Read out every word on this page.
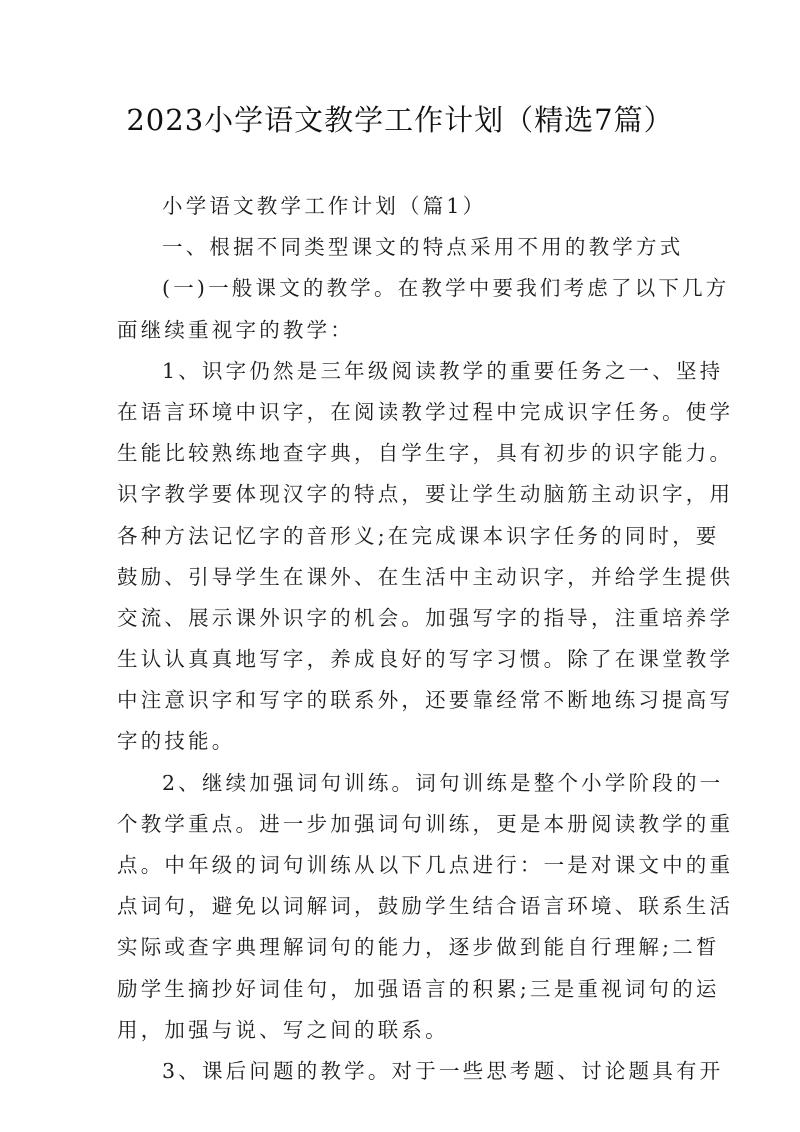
2023小学语文教学工作计划（精选7篇）
小学语文教学工作计划（篇1）
一、根据不同类型课文的特点采用不用的教学方式
(一)一般课文的教学。在教学中要我们考虑了以下几方
面继续重视字的教学：
1、识字仍然是三年级阅读教学的重要任务之一、坚持
在语言环境中识字，在阅读教学过程中完成识字任务。使学
生能比较熟练地查字典，自学生字，具有初步的识字能力。
识字教学要体现汉字的特点，要让学生动脑筋主动识字，用
各种方法记忆字的音形义;在完成课本识字任务的同时，要
鼓励、引导学生在课外、在生活中主动识字，并给学生提供
交流、展示课外识字的机会。加强写字的指导，注重培养学
生认认真真地写字，养成良好的写字习惯。除了在课堂教学
中注意识字和写字的联系外，还要靠经常不断地练习提高写
字的技能。
2、继续加强词句训练。词句训练是整个小学阶段的一
个教学重点。进一步加强词句训练，更是本册阅读教学的重
点。中年级的词句训练从以下几点进行：一是对课文中的重
点词句，避免以词解词，鼓励学生结合语言环境、联系生活
实际或查字典理解词句的能力，逐步做到能自行理解;二晳
励学生摘抄好词佳句，加强语言的积累;三是重视词句的运
用，加强与说、写之间的联系。
3、课后问题的教学。对于一些思考题、讨论题具有开
